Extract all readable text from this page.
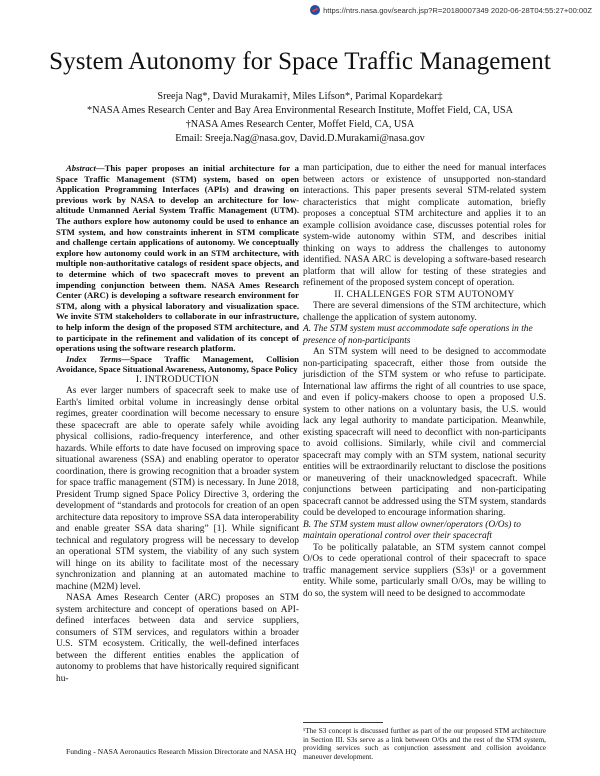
https://ntrs.nasa.gov/search.jsp?R=20180007349 2020-06-28T04:55:27+00:00Z
System Autonomy for Space Traffic Management
Sreeja Nag*, David Murakami†, Miles Lifson*, Parimal Kopardekar‡
*NASA Ames Research Center and Bay Area Environmental Research Institute, Moffet Field, CA, USA
†NASA Ames Research Center, Moffet Field, CA, USA
Email: Sreeja.Nag@nasa.gov, David.D.Murakami@nasa.gov

Abstract—This paper proposes an initial architecture for a Space Traffic Management (STM) system, based on open Application Programming Interfaces (APIs) and drawing on previous work by NASA to develop an architecture for low-altitude Unmanned Aerial System Traffic Management (UTM). The authors explore how autonomy could be used to enhance an STM system, and how constraints inherent in STM complicate and challenge certain applications of autonomy. We conceptually explore how autonomy could work in an STM architecture, with multiple non-authoritative catalogs of resident space objects, and to determine which of two spacecraft moves to prevent an impending conjunction between them. NASA Ames Research Center (ARC) is developing a software research environment for STM, along with a physical laboratory and visualization space. We invite STM stakeholders to collaborate in our infrastructure, to help inform the design of the proposed STM architecture, and to participate in the refinement and validation of its concept of operations using the software research platform.

Index Terms—Space Traffic Management, Collision Avoidance, Space Situational Awareness, Autonomy, Space Policy

I. INTRODUCTION

As ever larger numbers of spacecraft seek to make use of Earth's limited orbital volume in increasingly dense orbital regimes, greater coordination will become necessary to ensure these spacecraft are able to operate safely while avoiding physical collisions, radio-frequency interference, and other hazards. While efforts to date have focused on improving space situational awareness (SSA) and enabling operator to operator coordination, there is growing recognition that a broader system for space traffic management (STM) is necessary. In June 2018, President Trump signed Space Policy Directive 3, ordering the development of “standards and protocols for creation of an open architecture data repository to improve SSA data interoperability and enable greater SSA data sharing” [1]. While significant technical and regulatory progress will be necessary to develop an operational STM system, the viability of any such system will hinge on its ability to facilitate most of the necessary synchronization and planning at an automated machine to machine (M2M) level.

NASA Ames Research Center (ARC) proposes an STM system architecture and concept of operations based on API-defined interfaces between data and service suppliers, consumers of STM services, and regulators within a broader U.S. STM ecosystem. Critically, the well-defined interfaces between the different entities enables the application of autonomy to problems that have historically required significant hu-

man participation, due to either the need for manual interfaces between actors or existence of unsupported non-standard interactions. This paper presents several STM-related system characteristics that might complicate automation, briefly proposes a conceptual STM architecture and applies it to an example collision avoidance case, discusses potential roles for system-wide autonomy within STM, and describes initial thinking on ways to address the challenges to autonomy identified. NASA ARC is developing a software-based research platform that will allow for testing of these strategies and refinement of the proposed system concept of operation.

II. CHALLENGES FOR STM AUTONOMY

There are several dimensions of the STM architecture, which challenge the application of system autonomy.

A. The STM system must accommodate safe operations in the presence of non-participants

An STM system will need to be designed to accommodate non-participating spacecraft, either those from outside the jurisdiction of the STM system or who refuse to participate. International law affirms the right of all countries to use space, and even if policy-makers choose to open a proposed U.S. system to other nations on a voluntary basis, the U.S. would lack any legal authority to mandate participation. Meanwhile, existing spacecraft will need to deconflict with non-participants to avoid collisions. Similarly, while civil and commercial spacecraft may comply with an STM system, national security entities will be extraordinarily reluctant to disclose the positions or maneuvering of their unacknowledged spacecraft. While conjunctions between participating and non-participating spacecraft cannot be addressed using the STM system, standards could be developed to encourage information sharing.

B. The STM system must allow owner/operators (O/Os) to maintain operational control over their spacecraft

To be politically palatable, an STM system cannot compel O/Os to cede operational control of their spacecraft to space traffic management service suppliers (S3s)¹ or a government entity. While some, particularly small O/Os, may be willing to do so, the system will need to be designed to accommodate

¹The S3 concept is discussed further as part of the our proposed STM architecture in Section III. S3s serve as a link between O/Os and the rest of the STM system, providing services such as conjunction assessment and collision avoidance maneuver development.
Funding - NASA Aeronautics Research Mission Directorate and NASA HQ
